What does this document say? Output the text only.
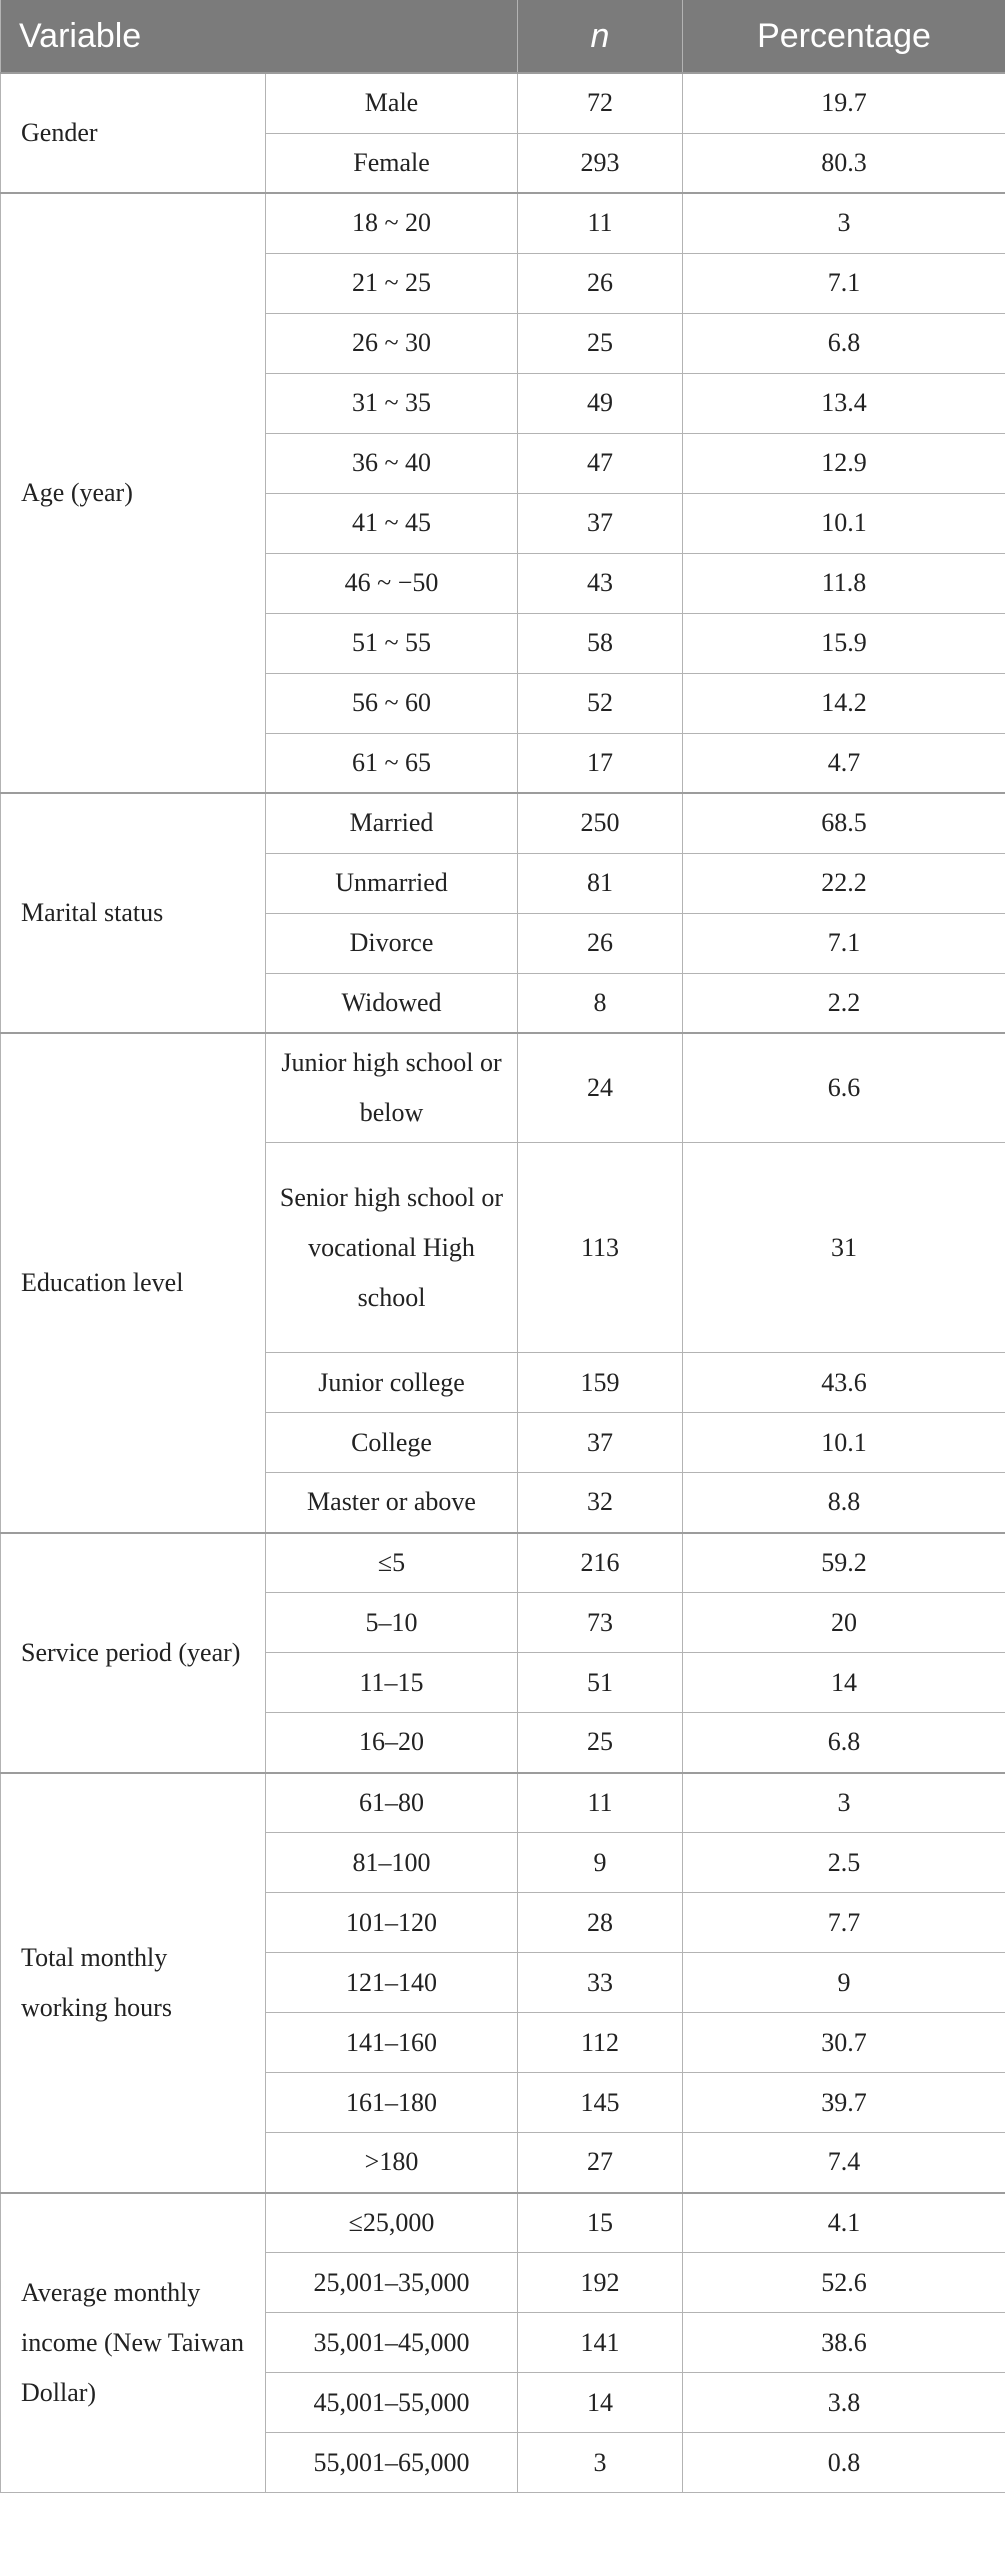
Variable		n	Percentage
Gender	Male	72	19.7
	Female	293	80.3
Age (year)	18 ~ 20	11	3
	21 ~ 25	26	7.1
	26 ~ 30	25	6.8
	31 ~ 35	49	13.4
	36 ~ 40	47	12.9
	41 ~ 45	37	10.1
	46 ~ −50	43	11.8
	51 ~ 55	58	15.9
	56 ~ 60	52	14.2
	61 ~ 65	17	4.7
Marital status	Married	250	68.5
	Unmarried	81	22.2
	Divorce	26	7.1
	Widowed	8	2.2
Education level	Junior high school or below	24	6.6
	Senior high school or vocational High school	113	31
	Junior college	159	43.6
	College	37	10.1
	Master or above	32	8.8
Service period (year)	≤5	216	59.2
	5–10	73	20
	11–15	51	14
	16–20	25	6.8
Total monthly working hours	61–80	11	3
	81–100	9	2.5
	101–120	28	7.7
	121–140	33	9
	141–160	112	30.7
	161–180	145	39.7
	>180	27	7.4
Average monthly income (New Taiwan Dollar)	≤25,000	15	4.1
	25,001–35,000	192	52.6
	35,001–45,000	141	38.6
	45,001–55,000	14	3.8
	55,001–65,000	3	0.8
